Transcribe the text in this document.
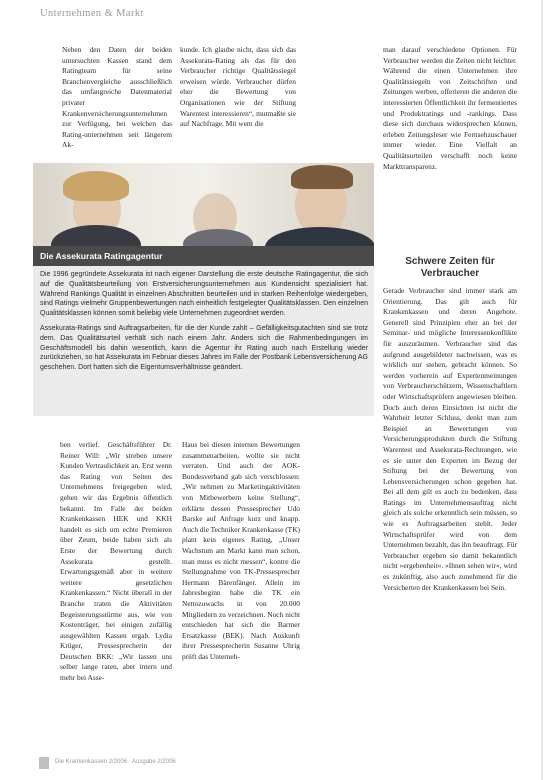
Unternehmen & Markt

Neben den Daten der beiden untersuchten Kassen stand dem Ratingteam für seine Branchenvergleiche ausschließlich das umfangreiche Datenmaterial privater Krankenversicherungsunternehmen zur Verfügung, bei welchen das Rating-unternehmen seit längerem Ak-

kunde. Ich glaube nicht, dass sich das Assekurata-Rating als das für den Verbraucher richtige Qualitätssiegel erweisen würde. Verbraucher dürfen eher die Bewertung von Organisationen wie der Stiftung Warentest interessieren“, mutmaßte sie auf Nachfrage. Mit wem die

man darauf verschiedene Optionen. Für Verbraucher werden die Zeiten nicht leichter. Während die einen Unternehmen ihre Qualitätssiegeln von Zeitschriften und Zeitungen werben, offerieren die anderen die interessierten Öffentlichkeit ihr fermentiertes und Produktratings und -rankings. Dass diese sich durchaus widersprechen können, erleben Zeitungsleser wie Fernsehzuschauer immer wieder. Eine Vielfalt an Qualitätsurteilen verschafft noch keine Markttransparenz.

Die Assekurata Ratingagentur

Die 1996 gegründete Assekurata ist nach eigener Darstellung die erste deutsche Ratingagentur, die sich auf die Qualitätsbeurteilung von Erstversicherungsunternehmen aus Kundensicht spezialisiert hat. Während Rankings Qualität in einzelnen Abschnitten beurteilen und in starken Reihenfolge wiedergeben, sind Ratings vielmehr Gruppenbewertungen nach einheitlich festgelegter Qualitätsklassen. Den einzelnen Qualitätsklassen können somit beliebig viele Unternehmen zugeordnet werden.

Assekurata-Ratings sind Auftragsarbeiten, für die der Kunde zahlt – Gefälligkeitsgutachten sind sie trotz dem. Das Qualitätsurteil verhält sich nach einem Jahr. Anders sich die Rahmenbedingungen im Geschäftsmodell bis dahin wesentlich, kann die Agentur ihr Rating auch nach Erstellung wieder zurückziehen, so hat Assekurata im Februar dieses Jahres im Falle der Postbank Lebensversicherung AG geschehen. Dort hatten sich die Eigentumsverhältnisse geändert.

Schwere Zeiten für Verbraucher

Gerade Verbraucher sind immer stark am Orientierung. Das gilt auch für Krankenkassen und deren Angebote. Generell sind Prinzipien eher an bei der Seminar- und mögliche Interessenkonflikte für auszuräumen. Verbraucher sind das aufgrund ausgebildeter nachwissen, was es wirklich nur stehen, gebracht können. So werden vorherein auf Expertenmeinungen von Verbraucherschützern, Wissenschaftlern oder Wirtschaftsprüfern angewiesen bleiben. Doch auch deren Einsichten ist nicht die Wahrheit letzter Schluss, denkt man zum Beispiel an Bewertungen von Versicherungsprodukten durch die Stiftung Warentest und Assekurata-Rechnungen, wie es sie unter den Experten im Bezug der Stiftung bei der Bewertung von Lebensversicherungen schon gegeben hat. Bei all dem gilt es auch zu bedenken, dass Ratings im Unternehmensauftrag nicht gleich als solche erkenntlich sein müssen, so wie es Auftragsarbeiten stehlt. Jeder Wirtschaftsprüfer wird von dem Unternehmen bezahlt, das ihn beauftragt. Für Verbraucher ergeben sie damit bekanntlich nicht »ergebenheit«. »Ihnen sehen wir«, wird es zukünftig, also auch zunehmend für die Versicherten der Krankenkassen bei Sein.

ben verlief. Geschäftsführer Dr. Reiner Will: „Wir streben unsere Kunden Vertraulichkeit an. Erst wenn das Rating von Seiten des Unternehmens freigegeben wird, gehen wir das Ergebnis öffentlich bekannt. Im Falle der beiden Krankenkassen HEK und KKH handelt es sich um echte Premieren über Zeum, beide haben sich als Erste der Bewertung durch Assekurata gestellt. Erwartungsgemäß aber in weitere weitere gesetzlichen Krankenkassen.“ Nicht überall in der Branche traten die Aktivitäten Begeisterungsstürme aus, wie von Kostenträger, bei einigen zufällig ausgewählten Kassen ergab. Lydia Krüger, Pressesprecherin der Deutschen BKK: „Wir lassen uns selber lange raten, aber intern und mehr bei Asse-

Haus bei diesen internen Bewertungen zusammenarbeiten, wollte sie nicht verraten. Und auch der AOK-Bundesverband gab sich verschlossen: „Wir nehmen zu Marketingaktivitäten von Mitbewerbern keine Stellung“, erklärte dessen Pressesprecher Udo Barske auf Anfrage kurz und knapp. Auch die Techniker Krankenkasse (TK) plant kein eigenes Rating, „Unser Wachstum am Markt kann man schon, man muss es nicht messen“, kontre die Stellungnahme von TK-Pressesprecher Hermann Bärenfänger. Allein im Jahresbeginn habe die TK ein Nettozuwachs in von 20.000 Mitgliedern zu verzeichnen. Noch nicht entschieden hat sich die Barmer Ersatzkasse (BEK). Nach Auskunft ihrer Pressesprecherin Susanne Uhrig prüft das Unterneh-

Die Krankenkassen 2/2006 · Ausgabe 2/2006
